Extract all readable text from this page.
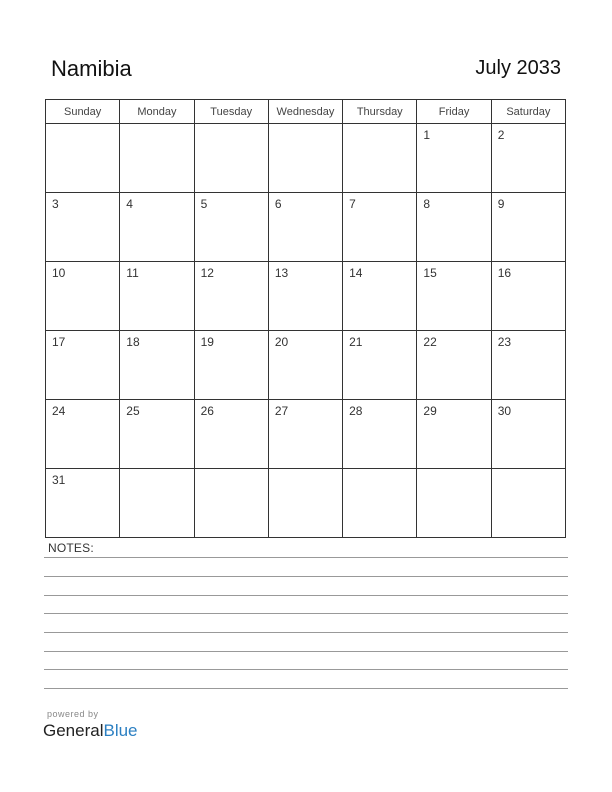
Namibia	July 2033
Sunday	Monday	Tuesday	Wednesday	Thursday	Friday	Saturday
					1	2
3	4	5	6	7	8	9
10	11	12	13	14	15	16
17	18	19	20	21	22	23
24	25	26	27	28	29	30
31						
NOTES:
powered by
GeneralBlue
